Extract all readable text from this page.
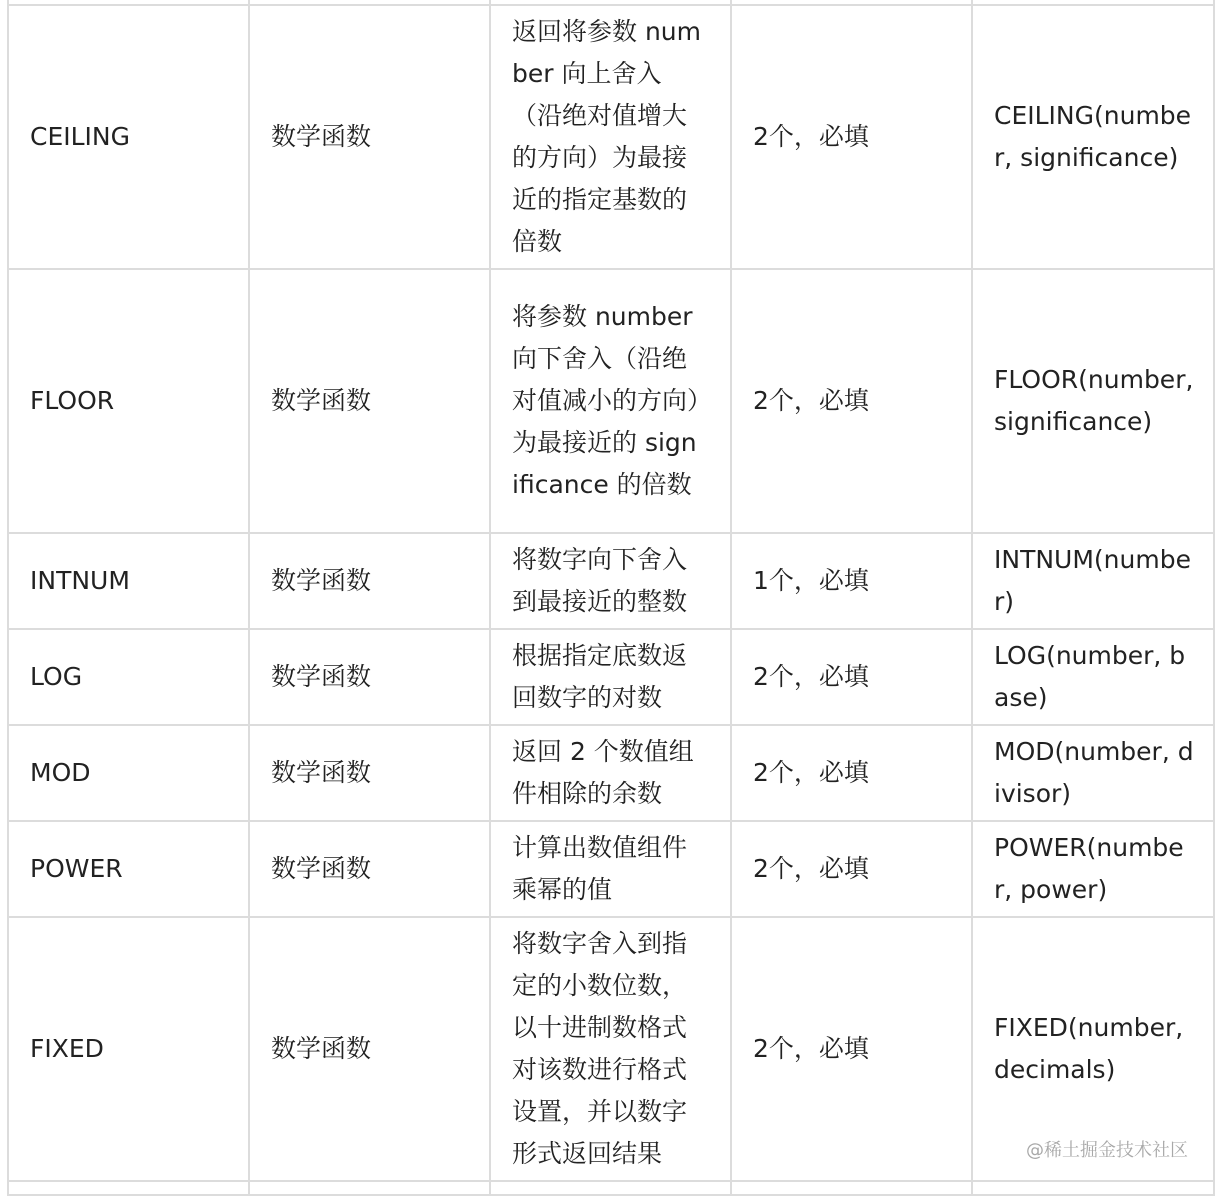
CEILING	数学函数	返回将参数 number 向上舍入（沿绝对值增大的方向）为最接近的指定基数的倍数	2个，必填	CEILING(number, significance)
FLOOR	数学函数	将参数 number 向下舍入（沿绝对值减小的方向）为最接近的 significance 的倍数	2个，必填	FLOOR(number, significance)
INTNUM	数学函数	将数字向下舍入到最接近的整数	1个，必填	INTNUM(number)
LOG	数学函数	根据指定底数返回数字的对数	2个，必填	LOG(number, base)
MOD	数学函数	返回 2 个数值组件相除的余数	2个，必填	MOD(number, divisor)
POWER	数学函数	计算出数值组件乘幂的值	2个，必填	POWER(number, power)
FIXED	数学函数	将数字舍入到指定的小数位数，以十进制数格式对该数进行格式设置，并以数字形式返回结果	2个，必填	FIXED(number, decimals)

@稀土掘金技术社区
